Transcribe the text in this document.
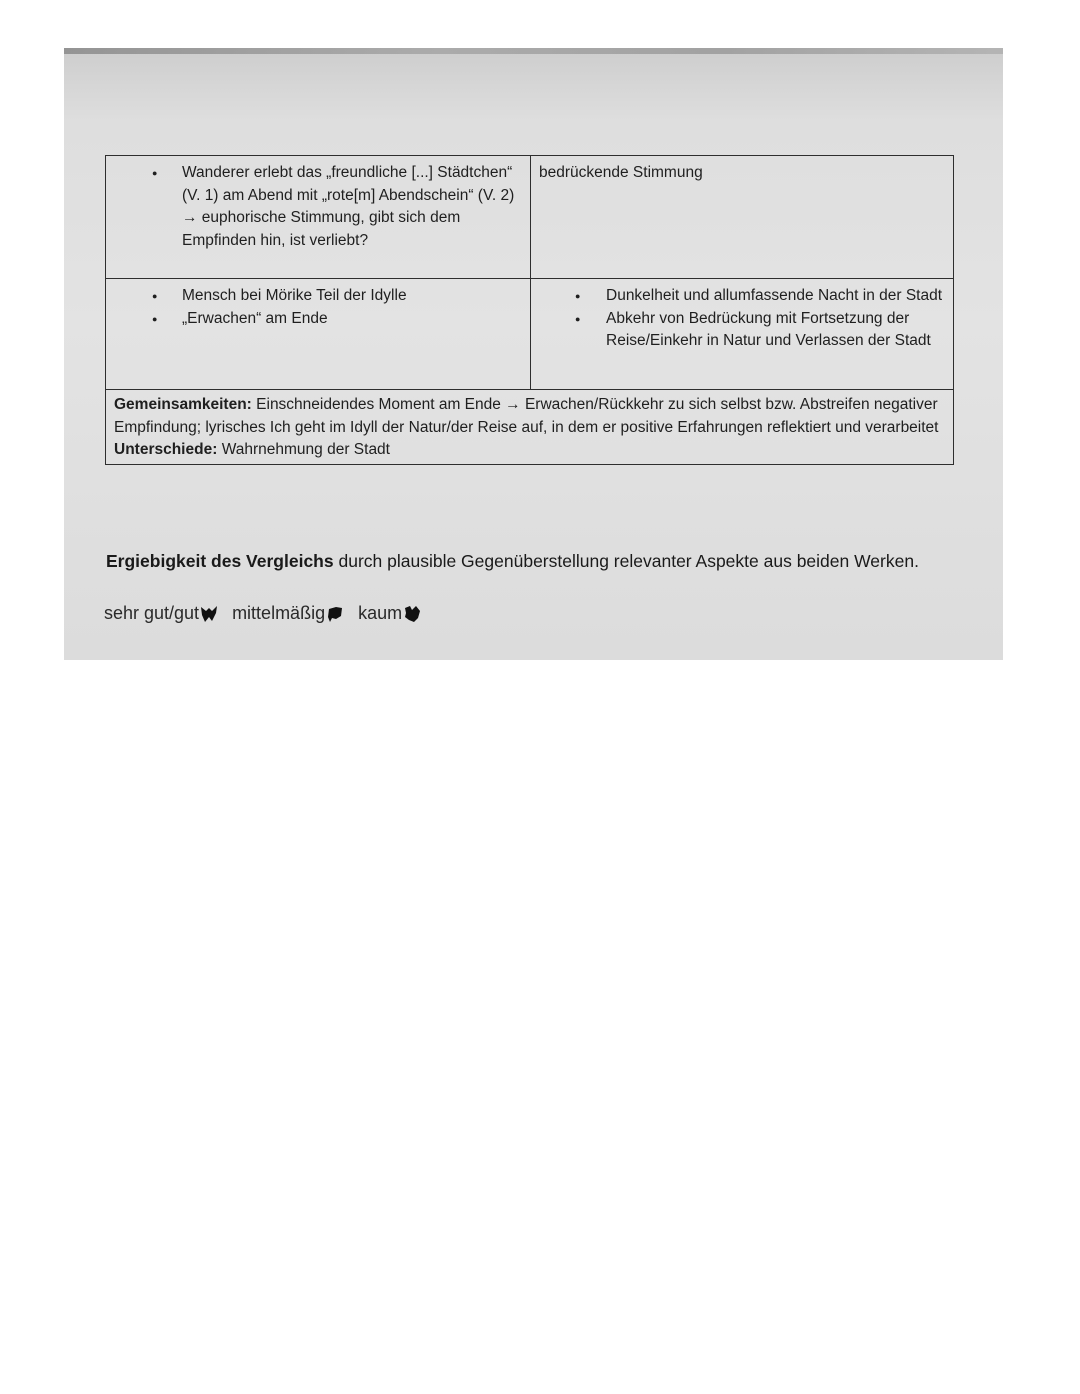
● Wanderer erlebt das „freundliche [...] Städtchen“ (V. 1) am Abend mit „rote[m] Abendschein“ (V. 2) → euphorische Stimmung, gibt sich dem Empfinden hin, ist verliebt?
bedrückende Stimmung
● Mensch bei Mörike Teil der Idylle
● „Erwachen“ am Ende
● Dunkelheit und allumfassende Nacht in der Stadt
● Abkehr von Bedrückung mit Fortsetzung der Reise/Einkehr in Natur und Verlassen der Stadt
Gemeinsamkeiten: Einschneidendes Moment am Ende → Erwachen/Rückkehr zu sich selbst bzw. Abstreifen negativer Empfindung; lyrisches Ich geht im Idyll der Natur/der Reise auf, in dem er positive Erfahrungen reflektiert und verarbeitet
Unterschiede: Wahrnehmung der Stadt
Ergiebigkeit des Vergleichs durch plausible Gegenüberstellung relevanter Aspekte aus beiden Werken.
sehr gut/gut mittelmäßig kaum
